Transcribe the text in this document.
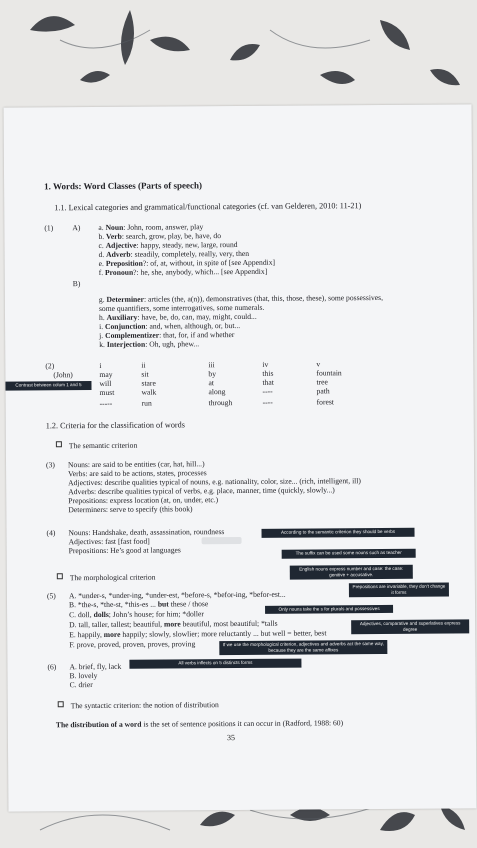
1. Words: Word Classes (Parts of speech)
1.1. Lexical categories and grammatical/functional categories (cf. van Gelderen, 2010: 11-21)
(1)	A) a. Noun: John, room, answer, play
b. Verb: search, grow, play, be, have, do
c. Adjective: happy, steady, new, large, round
d. Adverb: steadily, completely, really, very, then
e. Preposition?: of, at, without, in spite of [see Appendix]
f. Pronoun?: he, she, anybody, which... [see Appendix]
B)
g. Determiner: articles (the, a(n)), demonstratives (that, this, those, these), some possessives,
some quantifiers, some interrogatives, some numerals.
h. Auxiliary: have, be, do, can, may, might, could...
i. Conjunction: and, when, although, or, but...
j. Complementizer: that, for, if and whether
k. Interjection: Oh, ugh, phew...
(2)
(John)
Contrast between colum 1 and 5
i
may
will
must
-----
ii
sit
stare
walk
run
iii
by
at
along
through
iv
this
that
----
----
v
fountain
tree
path
forest
1.2. Criteria for the classification of words
The semantic criterion
(3) Nouns: are said to be entities (car, hat, hill...)
Verbs: are said to be actions, states, processes
Adjectives: describe qualities typical of nouns, e.g. nationality, color, size... (rich, intelligent, ill)
Adverbs: describe qualities typical of verbs, e.g. place, manner, time (quickly, slowly...)
Prepositions: express location (at, on, under, etc.)
Determiners: serve to specify (this book)
(4) Nouns: Handshake, death, assassination, roundness
Adjectives: fast [fast food]
Prepositions: He’s good at languages
According to the semantic criterion they should be verbs
The suffix can be used some nouns such as teacher
The morphological criterion
English nouns express number and case: the case: genitive + accusative.
Prepositions are invariable, they don't change it forms
(5) A. *under-s, *under-ing, *under-est, *before-s, *befor-ing, *befor-est...
B. *the-s, *the-st, *this-es ... but these / those
C. doll, dolls; John’s house; for him; *doller
D. tall, taller, tallest; beautiful, more beautiful, most beautiful; *talls
E. happily, more happily; slowly, slowlier; more reluctantly ... but well = better, best
F. prove, proved, proven, proves, proving
Only nouns take the s for plurals and possessives
Adjectives, comparative and superlatives express degree
If we use the morphological criterion, adjectives and adverbs act the same way, because they are the same affixes
(6) A. brief, fly, lack
B. lovely
C. drier
All verbs inflects on 5 distincts forms
The syntactic criterion: the notion of distribution
The distribution of a word is the set of sentence positions it can occur in (Radford, 1988: 60)
35
